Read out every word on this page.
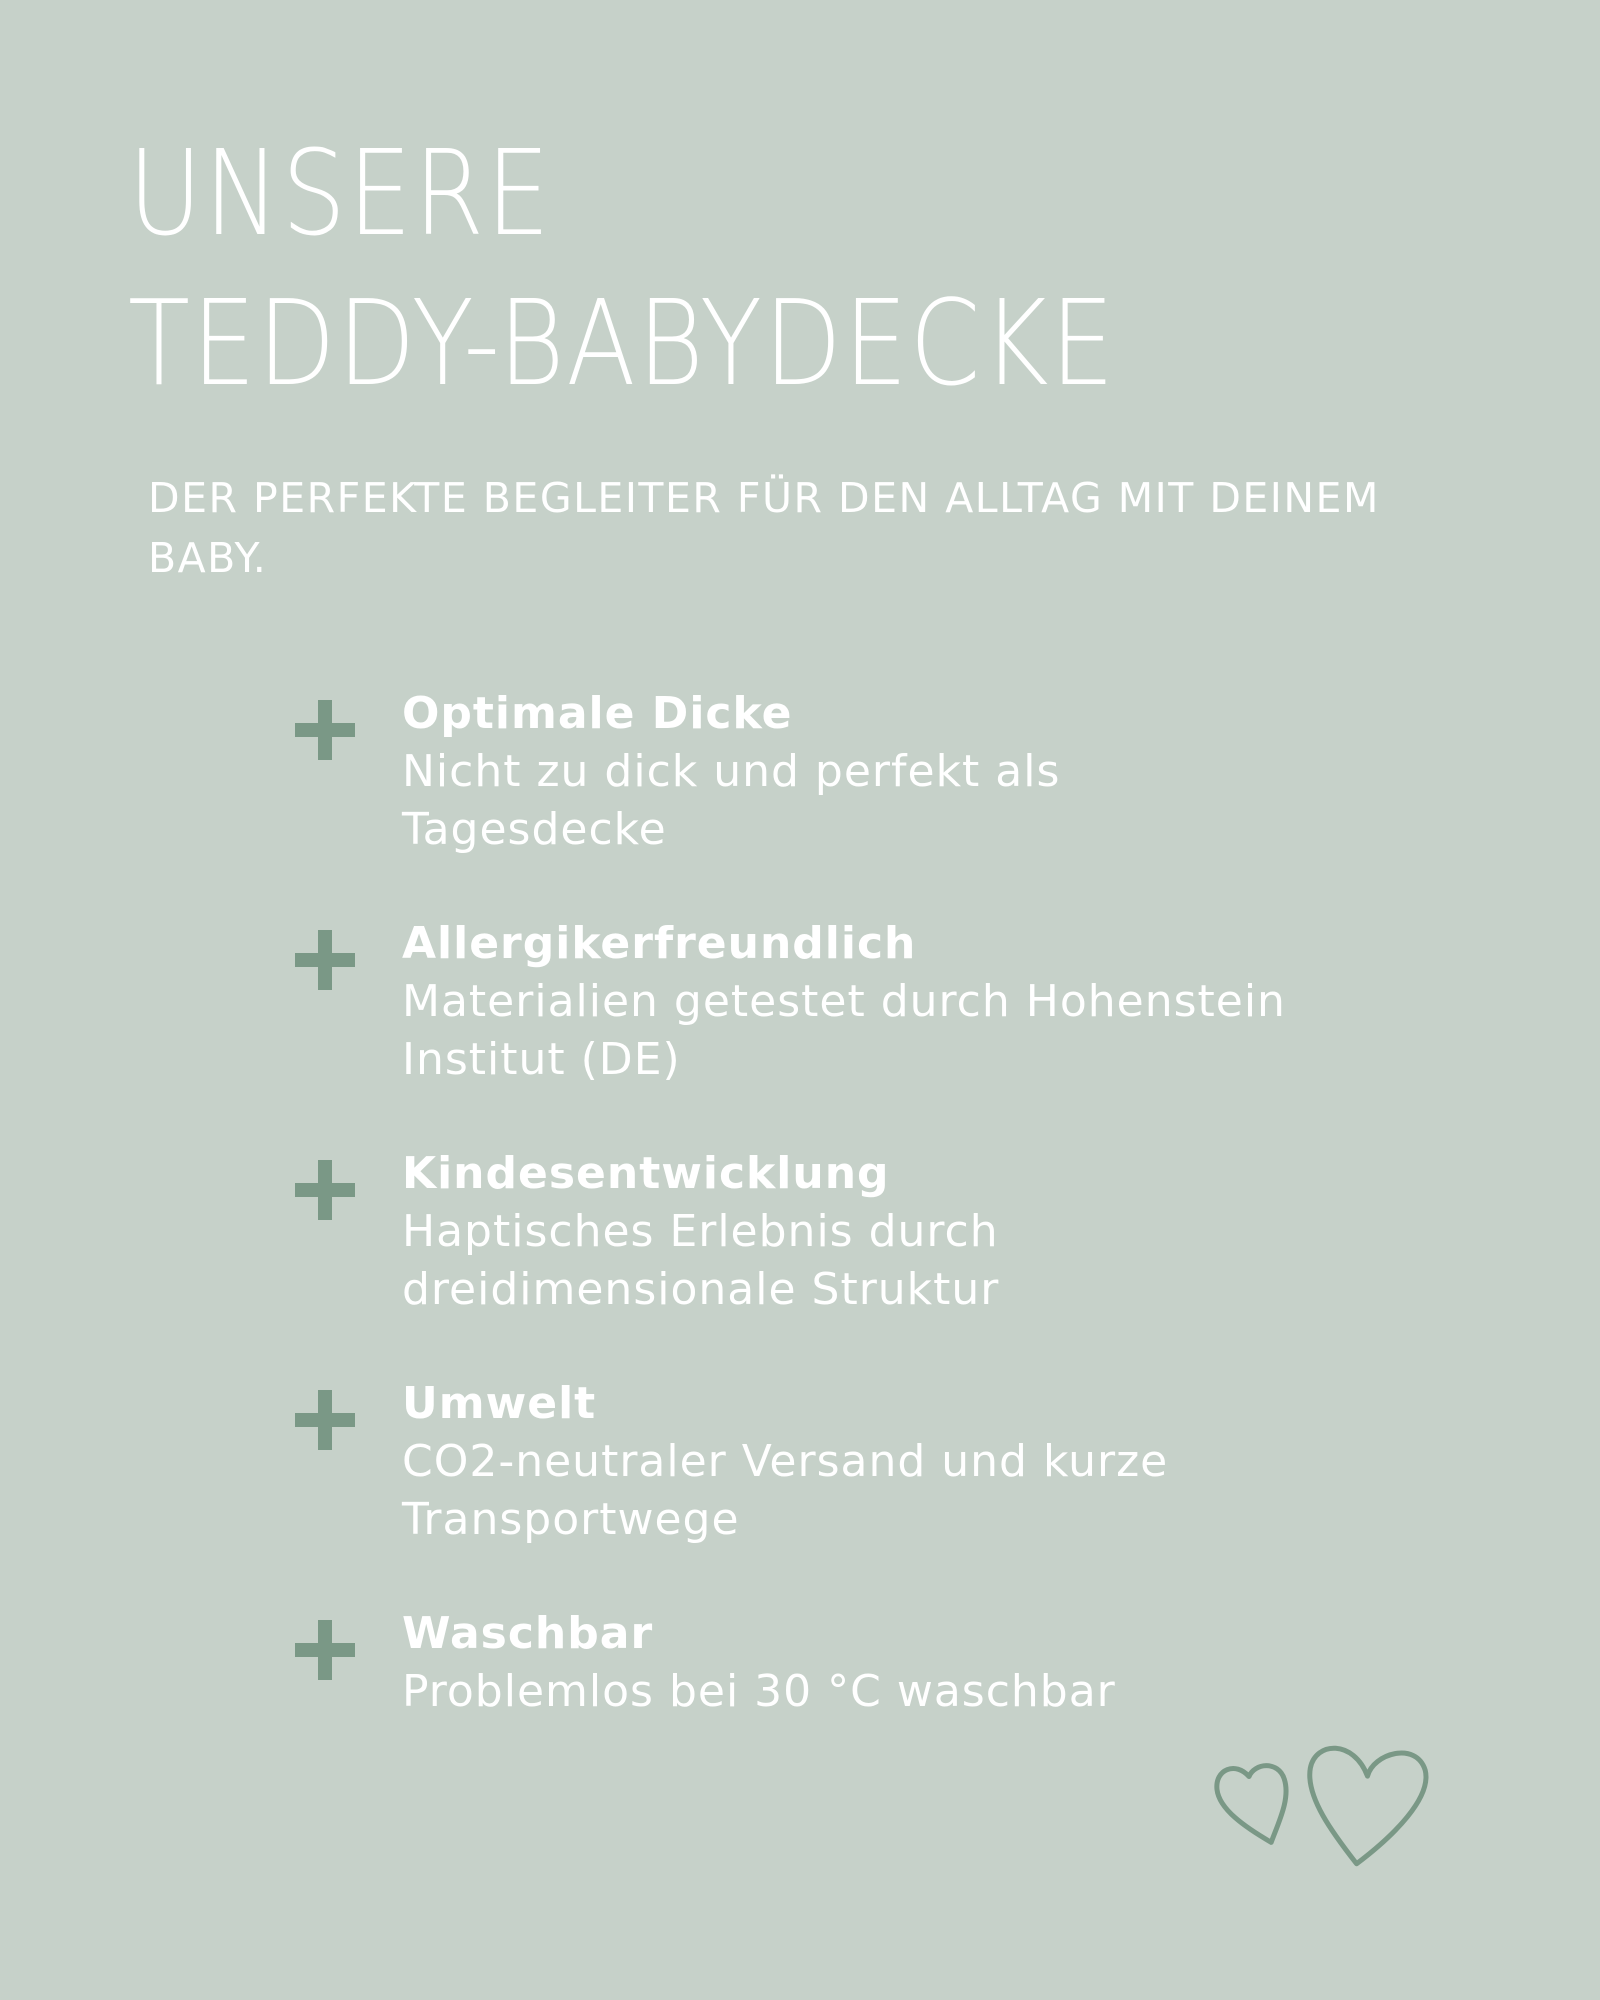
UNSERE
TEDDY-BABYDECKE

DER PERFEKTE BEGLEITER FÜR DEN ALLTAG MIT DEINEM BABY.

Optimale Dicke
Nicht zu dick und perfekt als Tagesdecke
Allergikerfreundlich
Materialien getestet durch Hohenstein Institut (DE)
Kindesentwicklung
Haptisches Erlebnis durch dreidimensionale Struktur
Umwelt
CO2-neutraler Versand und kurze Transportwege
Waschbar
Problemlos bei 30 °C waschbar
